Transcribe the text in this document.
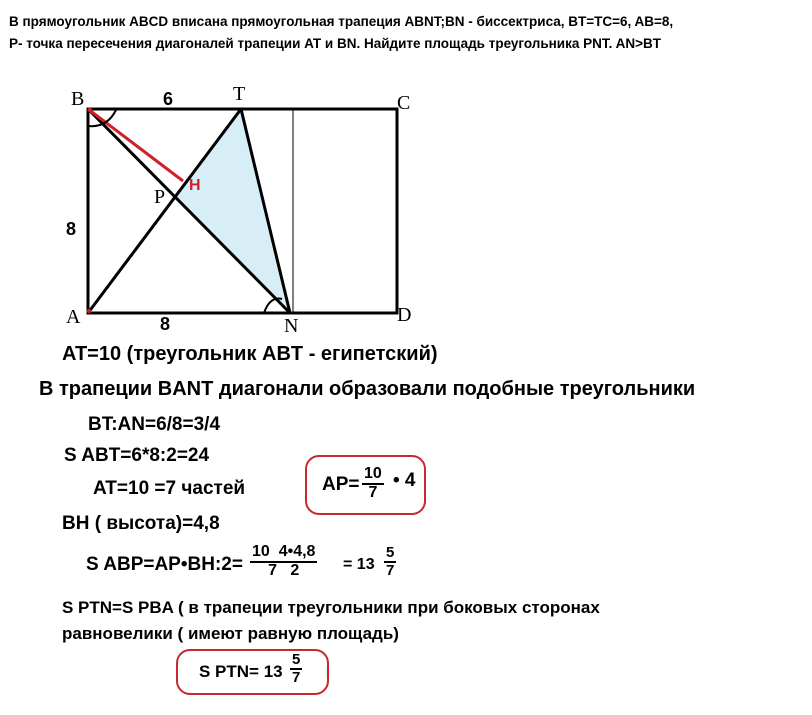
В прямоугольник ABCD вписана прямоугольная трапеция ABNT;BN - биссектриса, BT=TC=6, AB=8,
P- точка пересечения диагоналей трапеции AT и BN. Найдите площадь треугольника PNT. AN>BT
B	T	C
A	N	D
P
H
6
8
8
AT=10 (треугольник ABT - египетский)
В трапеции BANT диагонали образовали подобные треугольники
BT:AN=6/8=3/4
S ABT=6*8:2=24
AT=10 =7 частей	$AP= \frac{10}{7}$ • 4
BH ( высота)=4,8
S ABP=AP•BH:2= $\frac{10 4•4,8}{7 2} = 13 \frac{5}{7}$
S PTN=S PBA ( в трапеции треугольники при боковых сторонах
равновелики ( имеют равную площадь)
S $PTN= 13 \frac{5}{7}$
